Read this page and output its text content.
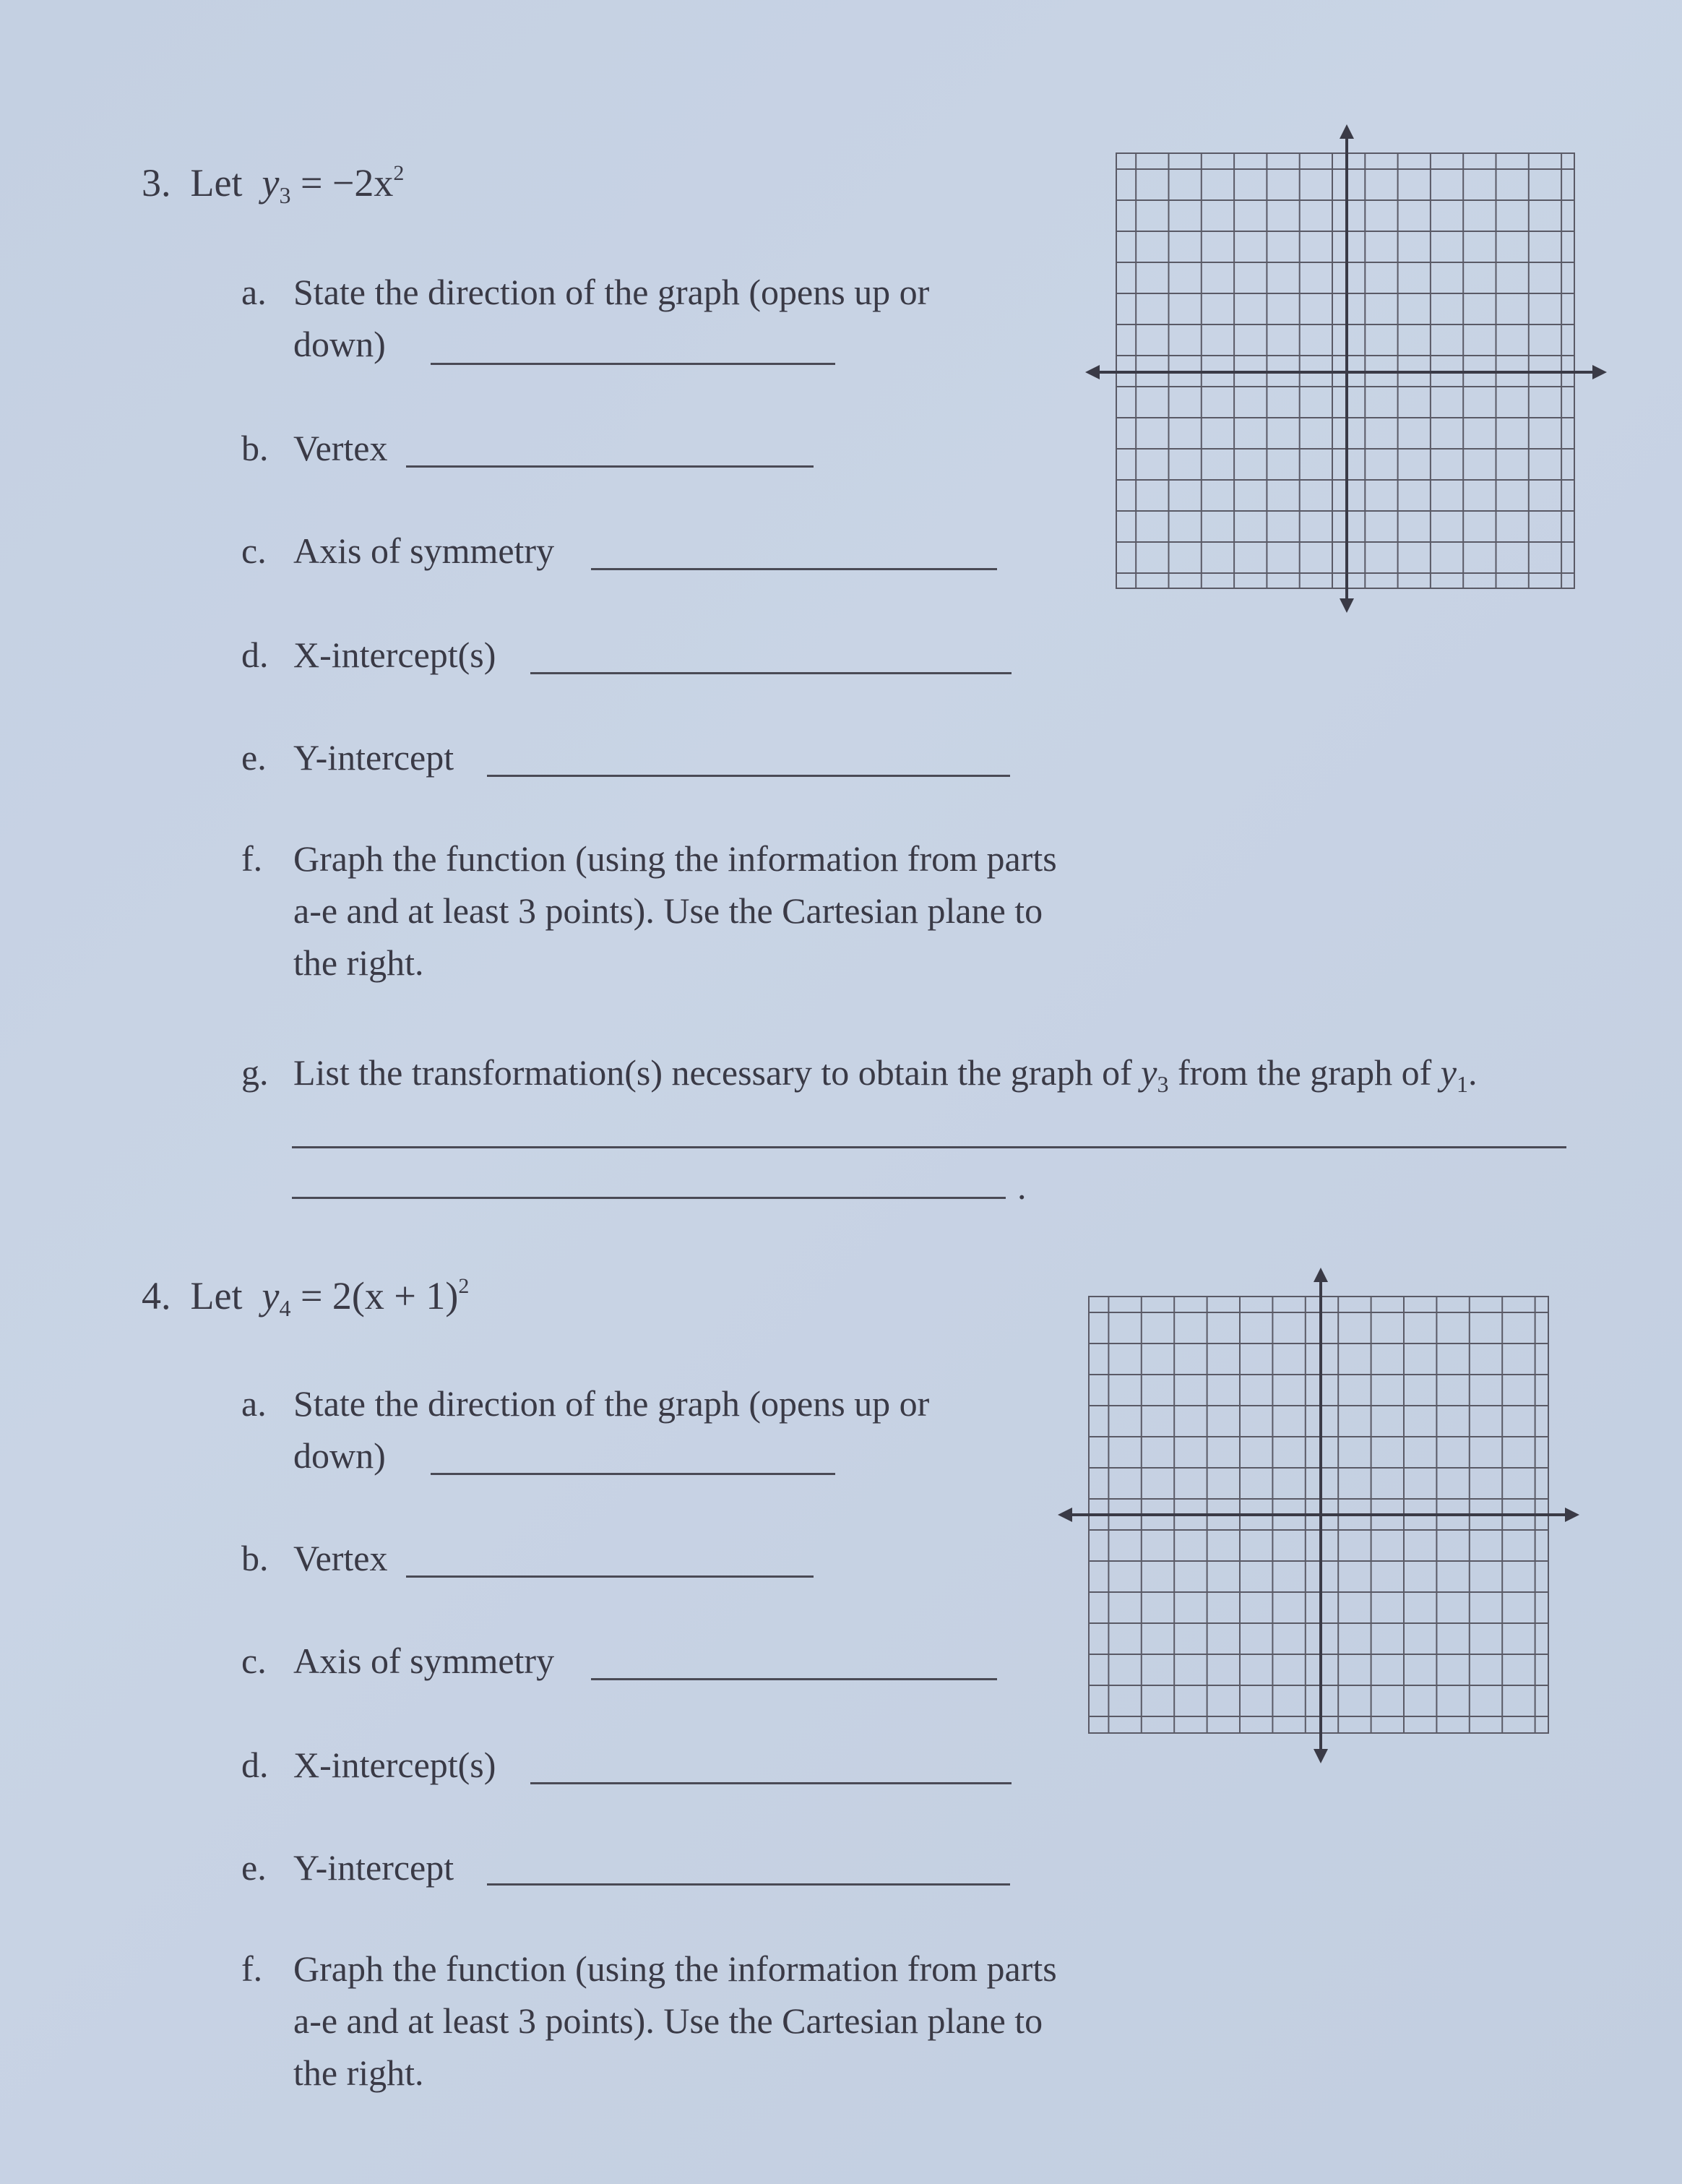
3. Let $y_3 = -2x^2$
a. State the direction of the graph (opens up or
down)
b. Vertex
c. Axis of symmetry
d. X-intercept(s)
e. Y-intercept
f. Graph the function (using the information from parts
a-e and at least 3 points). Use the Cartesian plane to
the right.
g. List the transformation(s) necessary to obtain the graph of $y_3$ from the graph of $y_1$.
.
4. Let $y_4 = 2(x + 1)^2$
a. State the direction of the graph (opens up or
down)
b. Vertex
c. Axis of symmetry
d. X-intercept(s)
e. Y-intercept
f. Graph the function (using the information from parts
a-e and at least 3 points). Use the Cartesian plane to
the right.
